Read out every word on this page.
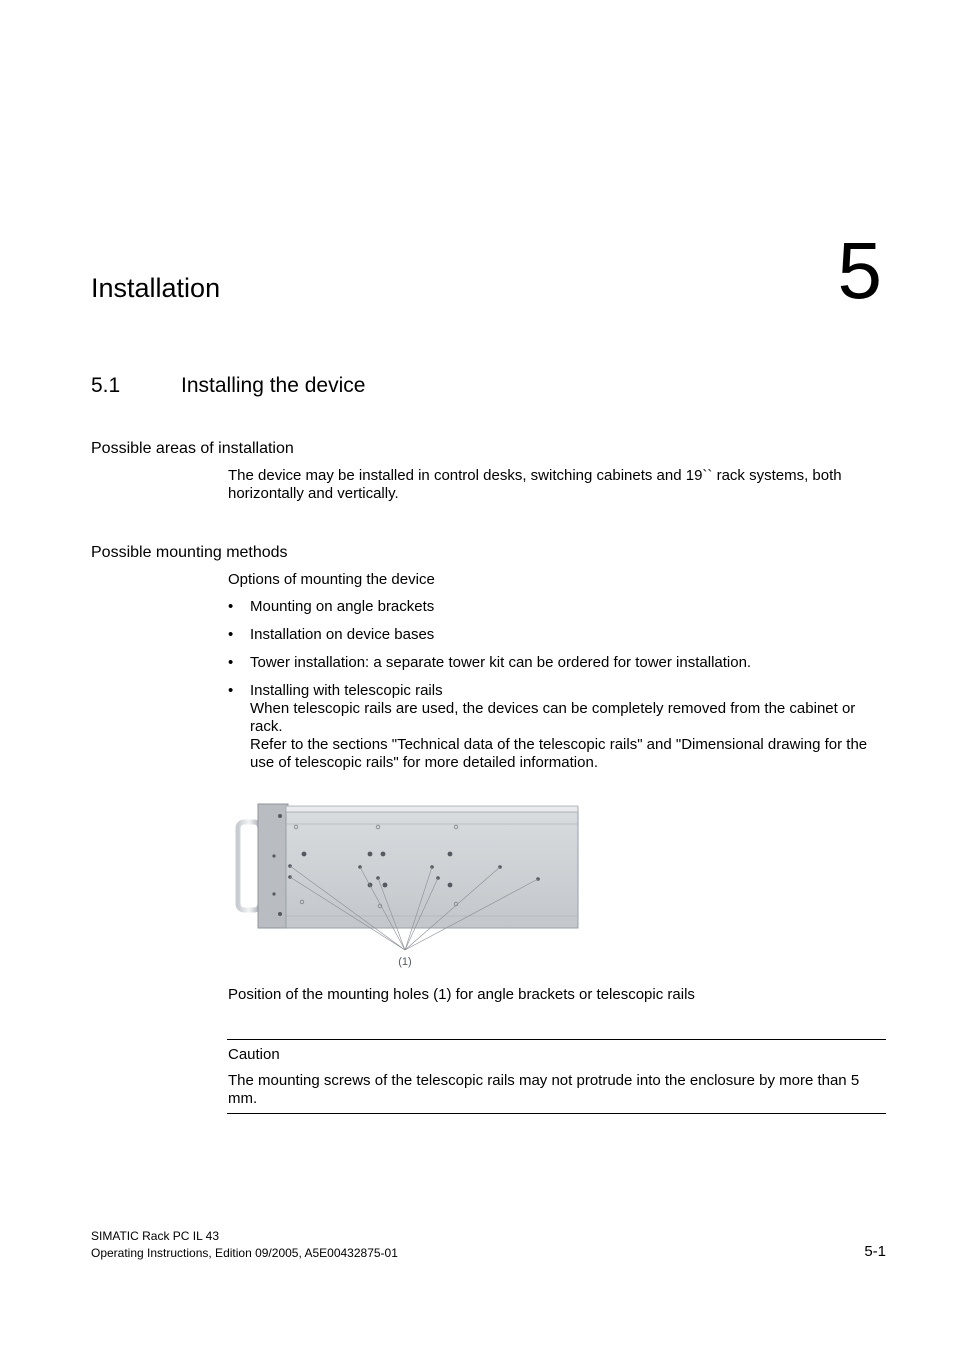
Installation	5
5.1	Installing the device
Possible areas of installation
The device may be installed in control desks, switching cabinets and 19`` rack systems, both horizontally and vertically.
Possible mounting methods
Options of mounting the device
•	Mounting on angle brackets
•	Installation on device bases
•	Tower installation: a separate tower kit can be ordered for tower installation.
•	Installing with telescopic rails
When telescopic rails are used, the devices can be completely removed from the cabinet or rack.
Refer to the sections "Technical data of the telescopic rails" and "Dimensional drawing for the use of telescopic rails" for more detailed information.
(1)
Position of the mounting holes (1) for angle brackets or telescopic rails
Caution
The mounting screws of the telescopic rails may not protrude into the enclosure by more than 5 mm.
SIMATIC Rack PC IL 43
Operating Instructions, Edition 09/2005, A5E00432875-01	5-1
